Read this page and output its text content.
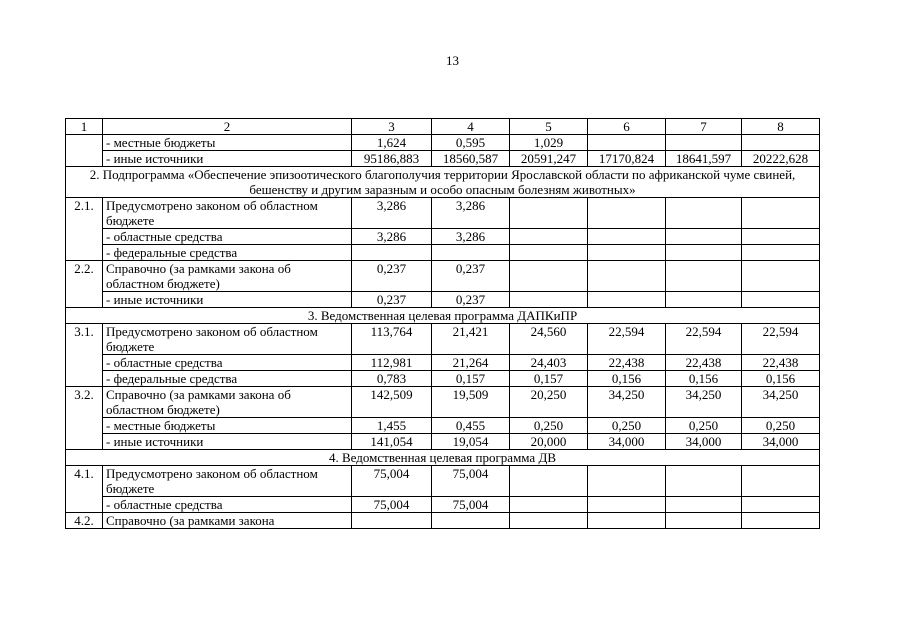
13
1	2	3	4	5	6	7	8
	- местные бюджеты	1,624	0,595	1,029			
	- иные источники	95186,883	18560,587	20591,247	17170,824	18641,597	20222,628
2. Подпрограмма «Обеспечение эпизоотического благополучия территории Ярославской области по африканской чуме свиней, бешенству и другим заразным и особо опасным болезням животных»							
2.1.	Предусмотрено законом об областном бюджете	3,286	3,286				
	- областные средства	3,286	3,286				
	- федеральные средства						
2.2.	Справочно (за рамками закона об областном бюджете)	0,237	0,237				
	- иные источники	0,237	0,237				
3. Ведомственная целевая программа ДАПКиПР							
3.1.	Предусмотрено законом об областном бюджете	113,764	21,421	24,560	22,594	22,594	22,594
	- областные средства	112,981	21,264	24,403	22,438	22,438	22,438
	- федеральные средства	0,783	0,157	0,157	0,156	0,156	0,156
3.2.	Справочно (за рамками закона об областном бюджете)	142,509	19,509	20,250	34,250	34,250	34,250
	- местные бюджеты	1,455	0,455	0,250	0,250	0,250	0,250
	- иные источники	141,054	19,054	20,000	34,000	34,000	34,000
4. Ведомственная целевая программа ДВ							
4.1.	Предусмотрено законом об областном бюджете	75,004	75,004				
	- областные средства	75,004	75,004				
4.2.	Справочно (за рамками закона						
